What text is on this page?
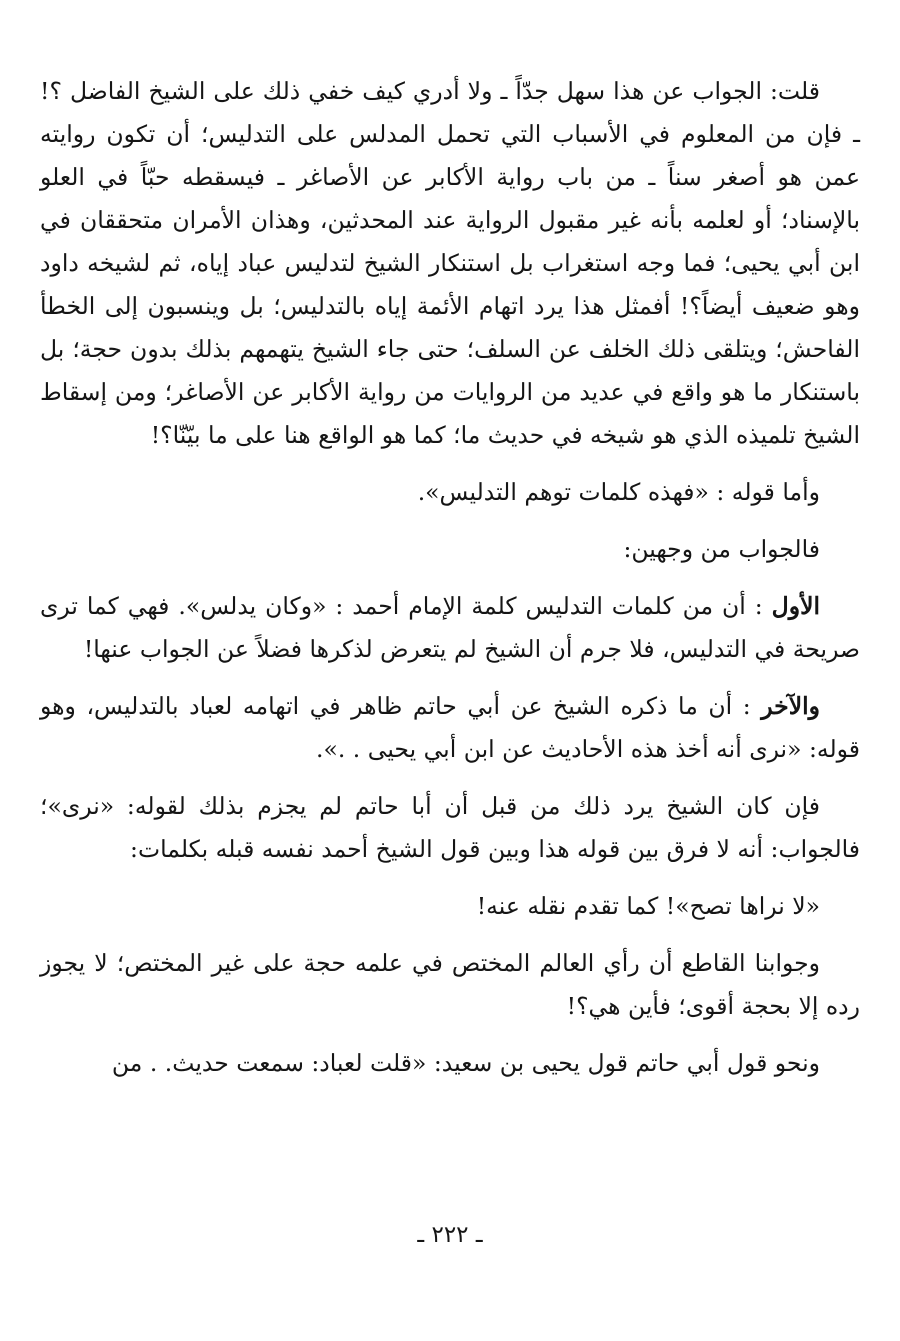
قلت: الجواب عن هذا سهل جدّاً ـ ولا أدري كيف خفي ذلك على الشيخ الفاضل ؟! ـ فإن من المعلوم في الأسباب التي تحمل المدلس على التدليس؛ أن تكون روايته عمن هو أصغر سناً ـ من باب رواية الأكابر عن الأصاغر ـ فيسقطه حبّاً في العلو بالإسناد؛ أو لعلمه بأنه غير مقبول الرواية عند المحدثين، وهذان الأمران متحققان في ابن أبي يحيى؛ فما وجه استغراب بل استنكار الشيخ لتدليس عباد إياه، ثم لشيخه داود وهو ضعيف أيضاً؟! أفمثل هذا يرد اتهام الأئمة إياه بالتدليس؛ بل وينسبون إلى الخطأ الفاحش؛ ويتلقى ذلك الخلف عن السلف؛ حتى جاء الشيخ يتهمهم بذلك بدون حجة؛ بل باستنكار ما هو واقع في عديد من الروايات من رواية الأكابر عن الأصاغر؛ ومن إسقاط الشيخ تلميذه الذي هو شيخه في حديث ما؛ كما هو الواقع هنا على ما بيّنّا؟!

وأما قوله : «فهذه كلمات توهم التدليس».

فالجواب من وجهين:

الأول : أن من كلمات التدليس كلمة الإمام أحمد : «وكان يدلس». فهي كما ترى صريحة في التدليس، فلا جرم أن الشيخ لم يتعرض لذكرها فضلاً عن الجواب عنها!

والآخر : أن ما ذكره الشيخ عن أبي حاتم ظاهر في اتهامه لعباد بالتدليس، وهو قوله: «نرى أنه أخذ هذه الأحاديث عن ابن أبي يحيى . .».

فإن كان الشيخ يرد ذلك من قبل أن أبا حاتم لم يجزم بذلك لقوله: «نرى»؛ فالجواب: أنه لا فرق بين قوله هذا وبين قول الشيخ أحمد نفسه قبله بكلمات:

«لا نراها تصح»! كما تقدم نقله عنه!

وجوابنا القاطع أن رأي العالم المختص في علمه حجة على غير المختص؛ لا يجوز رده إلا بحجة أقوى؛ فأين هي؟!

ونحو قول أبي حاتم قول يحيى بن سعيد: «قلت لعباد: سمعت حديث. . من

ـ ٢٢٢ ـ
